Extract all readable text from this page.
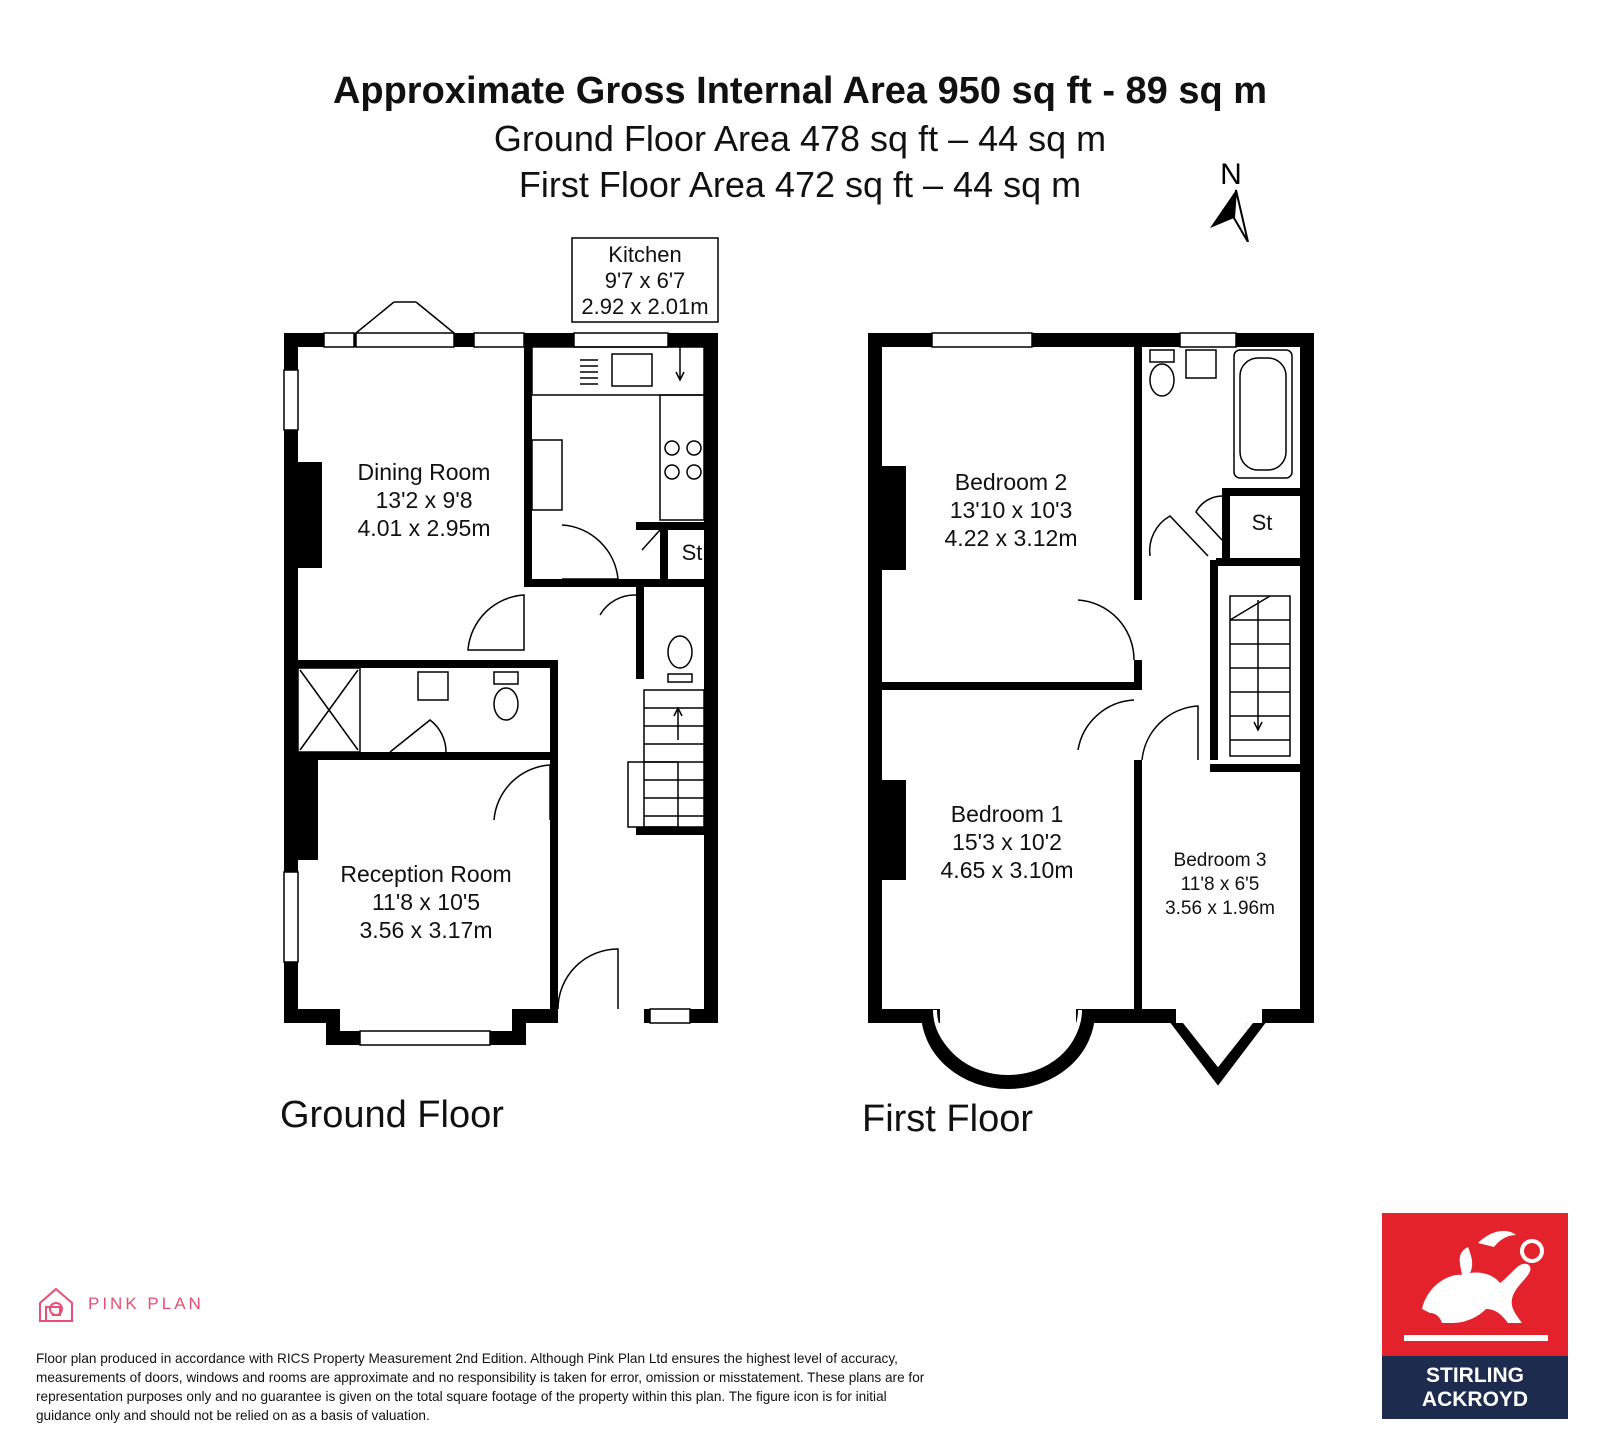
Approximate Gross Internal Area 950 sq ft - 89 sq m
Ground Floor Area 478 sq ft – 44 sq m
First Floor Area 472 sq ft – 44 sq m	N
Kitchen
9'7 x 6'7
2.92 x 2.01m
Dining Room
13'2 x 9'8
4.01 x 2.95m
Reception Room
11'8 x 10'5
3.56 x 3.17m
St
Bedroom 2
13'10 x 10'3
4.22 x 3.12m
Bedroom 1
15'3 x 10'2
4.65 x 3.10m	Bedroom 3
11'8 x 6'5
3.56 x 1.96m
St
Ground Floor	First Floor
PINK PLAN
Floor plan produced in accordance with RICS Property Measurement 2nd Edition. Although Pink Plan Ltd ensures the highest level of accuracy, measurements of doors, windows and rooms are approximate and no responsibility is taken for error, omission or misstatement. These plans are for representation purposes only and no guarantee is given on the total square footage of the property within this plan. The figure icon is for initial guidance only and should not be relied on as a basis of valuation.
STIRLING
ACKROYD
